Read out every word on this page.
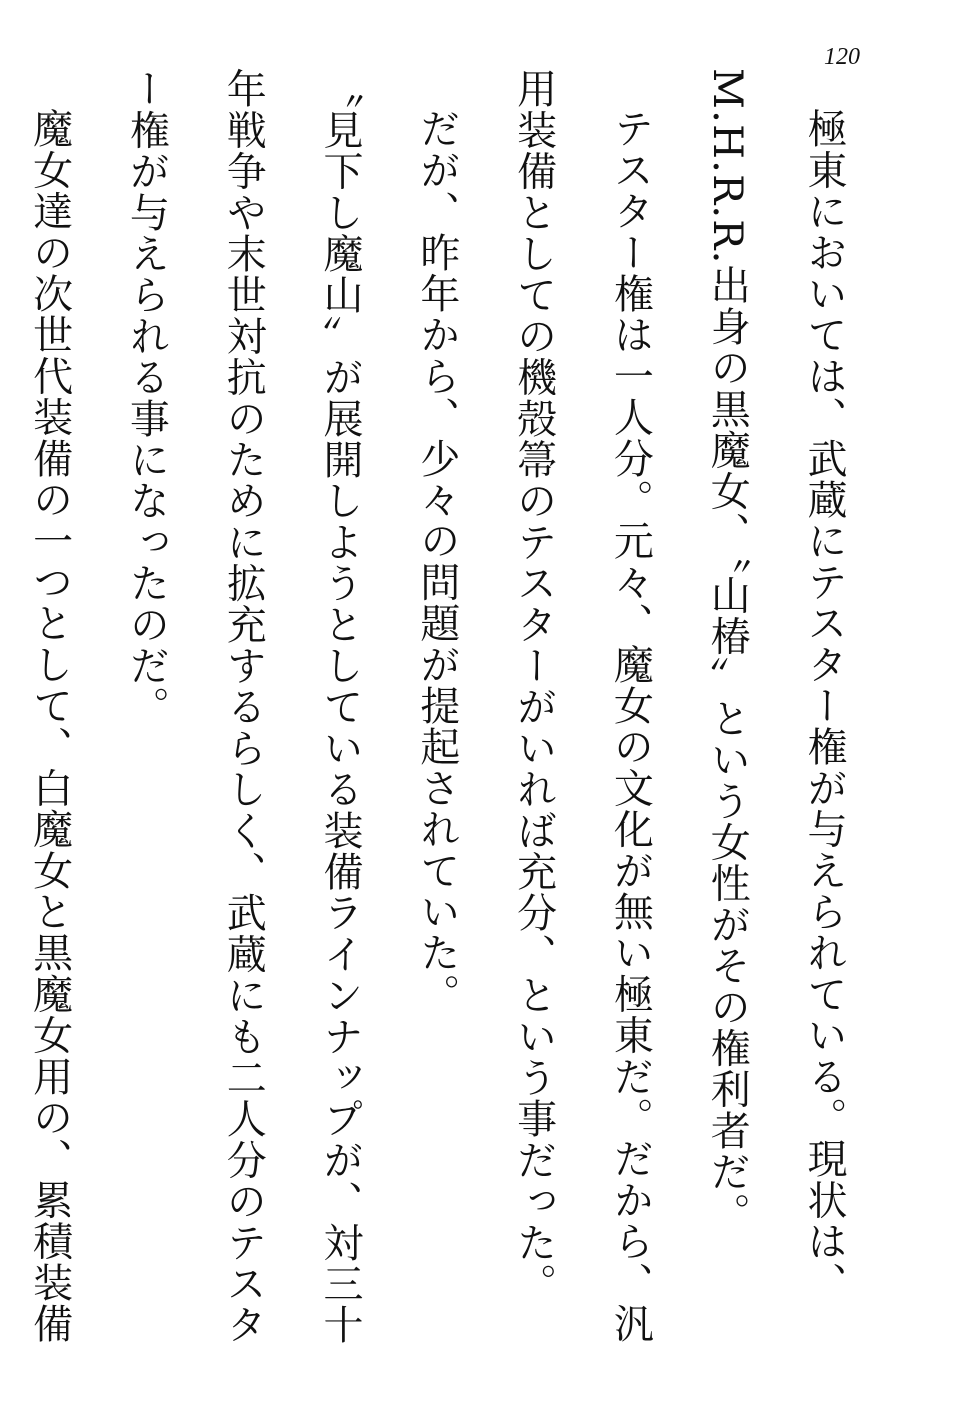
120

極東においては、武蔵にテスター権が与えられている。現状は、M.H.R.R.出身の黒魔女、〝山椿〟という女性がその権利者だ。

テスター権は一人分。元々、魔女の文化が無い極東だ。だから、汎用装備としての機殻箒のテスターがいれば充分、という事だった。

だが、昨年から、少々の問題が提起されていた。

〝見下し魔山〟が展開しようとしている装備ラインナップが、対三十年戦争や末世対抗のために拡充するらしく、武蔵にも二人分のテスター権が与えられる事になったのだ。

魔女達の次世代装備の一つとして、白魔女と黒魔女用の、累積装備
